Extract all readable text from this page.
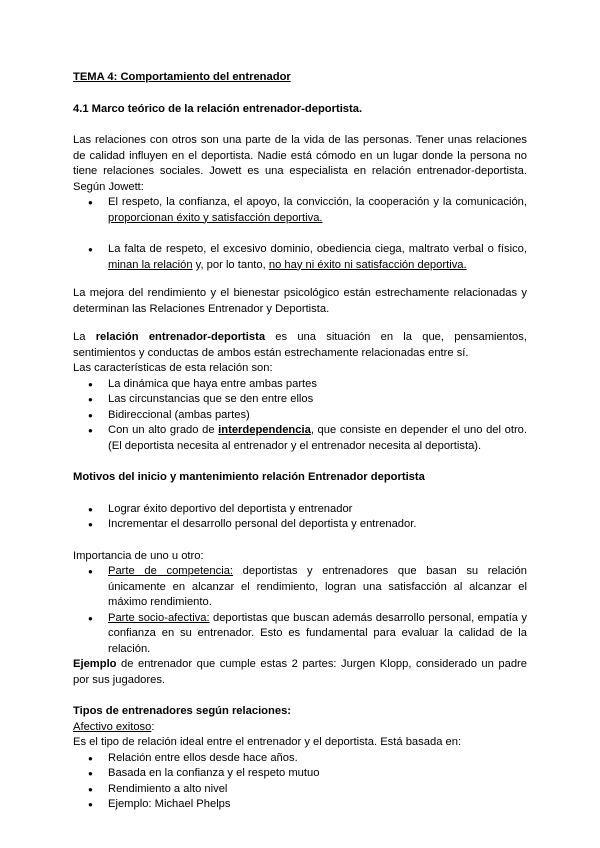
TEMA 4: Comportamiento del entrenador

4.1 Marco teórico de la relación entrenador-deportista.

Las relaciones con otros son una parte de la vida de las personas. Tener unas relaciones de calidad influyen en el deportista. Nadie está cómodo en un lugar donde la persona no tiene relaciones sociales. Jowett es una especialista en relación entrenador-deportista. Según Jowett:

● El respeto, la confianza, el apoyo, la convicción, la cooperación y la comunicación, proporcionan éxito y satisfacción deportiva.
● La falta de respeto, el excesivo dominio, obediencia ciega, maltrato verbal o físico, minan la relación y, por lo tanto, no hay ni éxito ni satisfacción deportiva.

La mejora del rendimiento y el bienestar psicológico están estrechamente relacionadas y determinan las Relaciones Entrenador y Deportista.

La relación entrenador-deportista es una situación en la que, pensamientos, sentimientos y conductas de ambos están estrechamente relacionadas entre sí.

Las características de esta relación son:

● La dinámica que haya entre ambas partes
● Las circunstancias que se den entre ellos
● Bidireccional (ambas partes)
● Con un alto grado de interdependencia, que consiste en depender el uno del otro. (El deportista necesita al entrenador y el entrenador necesita al deportista).

Motivos del inicio y mantenimiento relación Entrenador deportista

● Lograr éxito deportivo del deportista y entrenador
● Incrementar el desarrollo personal del deportista y entrenador.

Importancia de uno u otro:

● Parte de competencia: deportistas y entrenadores que basan su relación únicamente en alcanzar el rendimiento, logran una satisfacción al alcanzar el máximo rendimiento.
● Parte socio-afectiva: deportistas que buscan además desarrollo personal, empatía y confianza en su entrenador. Esto es fundamental para evaluar la calidad de la relación.

Ejemplo de entrenador que cumple estas 2 partes: Jurgen Klopp, considerado un padre por sus jugadores.

Tipos de entrenadores según relaciones:

Afectivo exitoso:

Es el tipo de relación ideal entre el entrenador y el deportista. Está basada en:

● Relación entre ellos desde hace años.
● Basada en la confianza y el respeto mutuo
● Rendimiento a alto nivel
● Ejemplo: Michael Phelps
